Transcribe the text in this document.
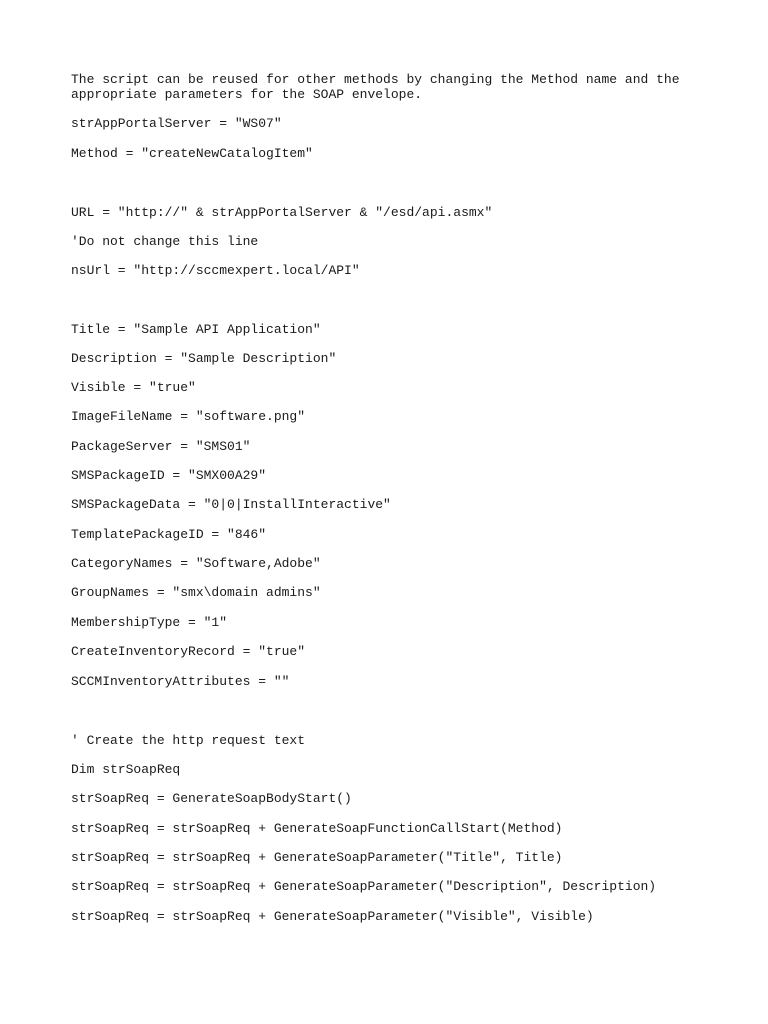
The script can be reused for other methods by changing the Method name and the

appropriate parameters for the SOAP envelope.

strAppPortalServer = "WS07"

Method = "createNewCatalogItem"

URL = "http://" & strAppPortalServer & "/esd/api.asmx"

'Do not change this line

nsUrl = "http://sccmexpert.local/API"

Title = "Sample API Application"

Description = "Sample Description"

Visible = "true"

ImageFileName = "software.png"

PackageServer = "SMS01"

SMSPackageID = "SMX00A29"

SMSPackageData = "0|0|InstallInteractive"

TemplatePackageID = "846"

CategoryNames = "Software,Adobe"

GroupNames = "smx\domain admins"

MembershipType = "1"

CreateInventoryRecord = "true"

SCCMInventoryAttributes = ""

' Create the http request text

Dim strSoapReq

strSoapReq = GenerateSoapBodyStart()

strSoapReq = strSoapReq + GenerateSoapFunctionCallStart(Method)

strSoapReq = strSoapReq + GenerateSoapParameter("Title", Title)

strSoapReq = strSoapReq + GenerateSoapParameter("Description", Description)

strSoapReq = strSoapReq + GenerateSoapParameter("Visible", Visible)
